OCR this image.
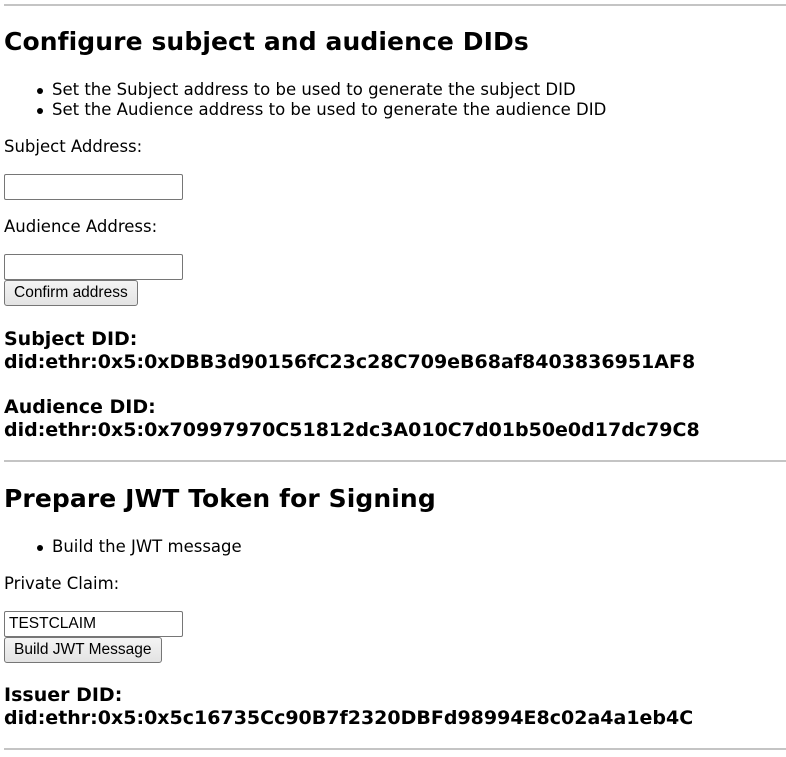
Configure subject and audience DIDs
Set the Subject address to be used to generate the subject DID
Set the Audience address to be used to generate the audience DID
Subject Address:
Audience Address:
Confirm address
Subject DID:
did:ethr:0x5:0xDBB3d90156fC23c28C709eB68af8403836951AF8
Audience DID:
did:ethr:0x5:0x70997970C51812dc3A010C7d01b50e0d17dc79C8
Prepare JWT Token for Signing
Build the JWT message
Private Claim:
TESTCLAIM
Build JWT Message
Issuer DID:
did:ethr:0x5:0x5c16735Cc90B7f2320DBFd98994E8c02a4a1eb4C
